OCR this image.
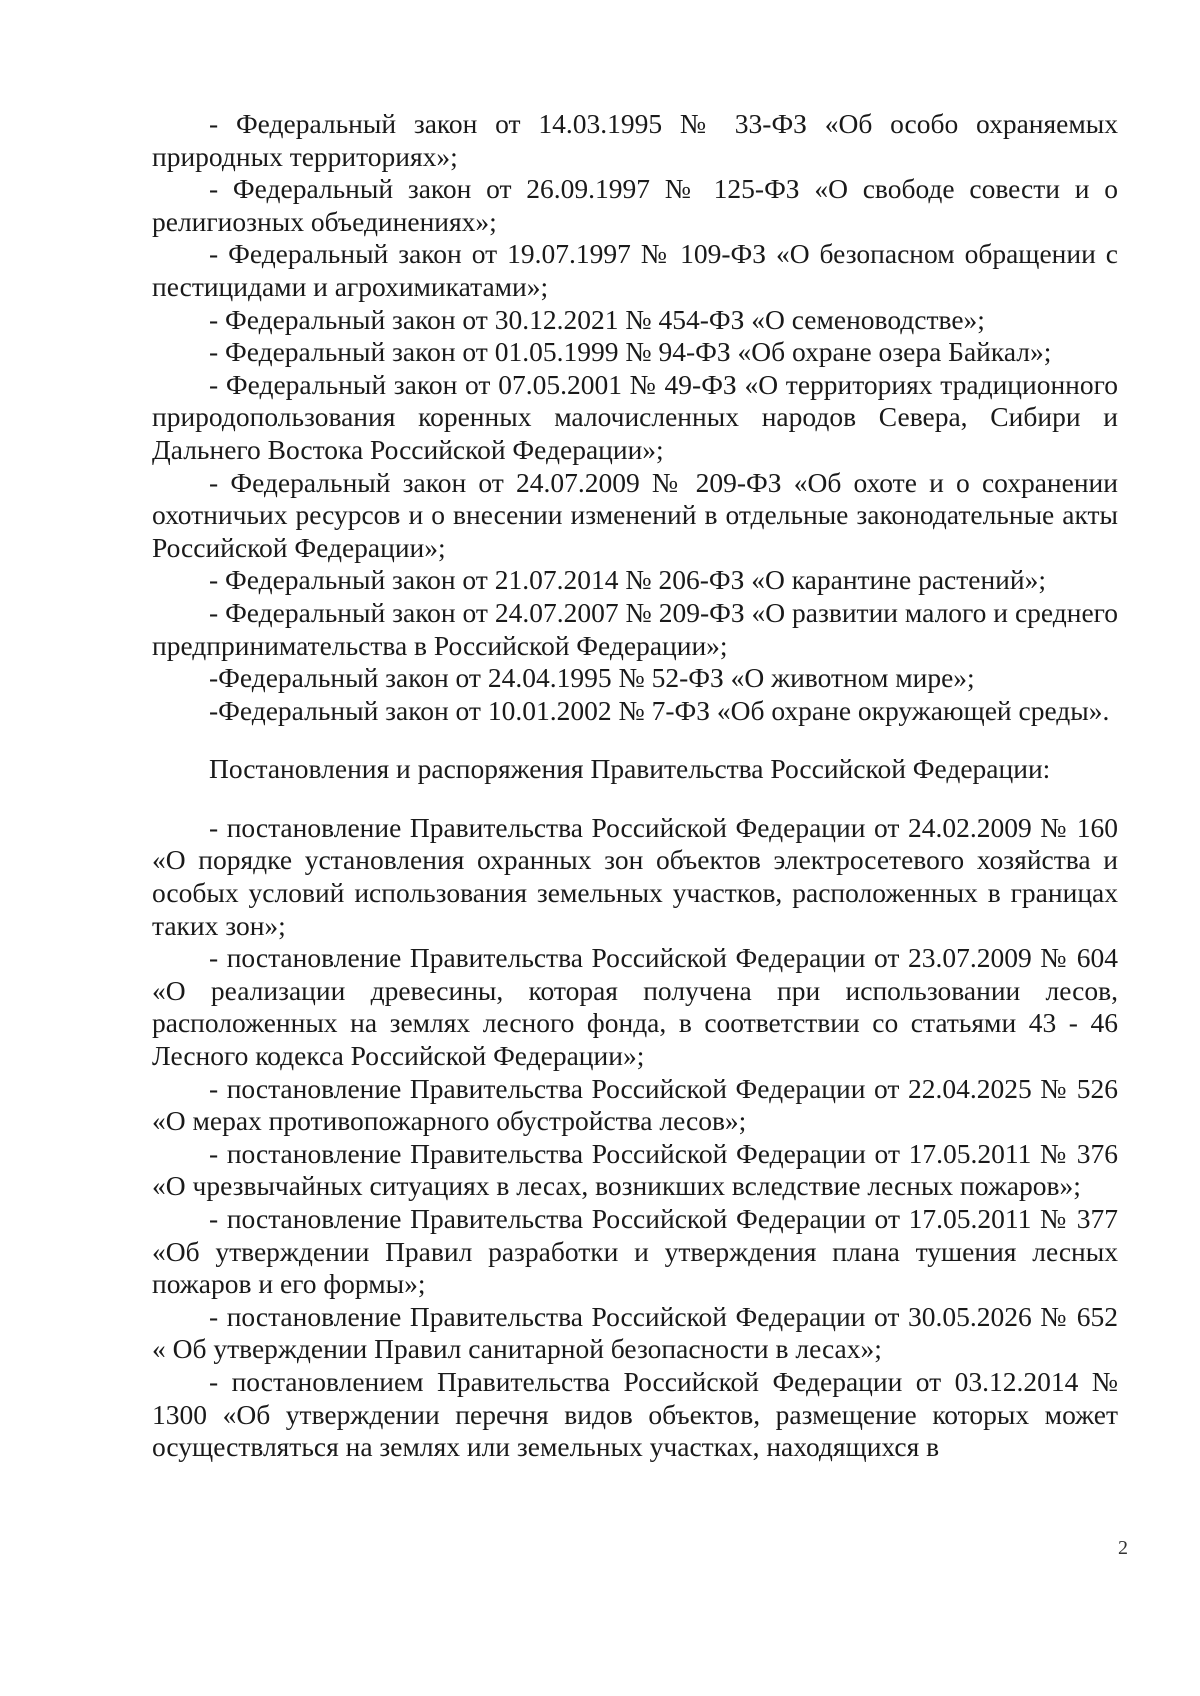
- Федеральный закон от 14.03.1995 № 33-ФЗ «Об особо охраняемых природных территориях»;

- Федеральный закон от 26.09.1997 № 125-ФЗ «О свободе совести и о религиозных объединениях»;

- Федеральный закон от 19.07.1997 № 109-ФЗ «О безопасном обращении с пестицидами и агрохимикатами»;

- Федеральный закон от 30.12.2021 № 454-ФЗ «О семеноводстве»;

- Федеральный закон от 01.05.1999 № 94-ФЗ «Об охране озера Байкал»;

- Федеральный закон от 07.05.2001 № 49-ФЗ «О территориях традиционного природопользования коренных малочисленных народов Севера, Сибири и Дальнего Востока Российской Федерации»;

- Федеральный закон от 24.07.2009 № 209-ФЗ «Об охоте и о сохранении охотничьих ресурсов и о внесении изменений в отдельные законодательные акты Российской Федерации»;

- Федеральный закон от 21.07.2014 № 206-ФЗ «О карантине растений»;

- Федеральный закон от 24.07.2007 № 209-ФЗ «О развитии малого и среднего предпринимательства в Российской Федерации»;

-Федеральный закон от 24.04.1995 № 52-ФЗ «О животном мире»;

-Федеральный закон от 10.01.2002 № 7-ФЗ «Об охране окружающей среды».

Постановления и распоряжения Правительства Российской Федерации:

- постановление Правительства Российской Федерации от 24.02.2009 № 160 «О порядке установления охранных зон объектов электросетевого хозяйства и особых условий использования земельных участков, расположенных в границах таких зон»;

- постановление Правительства Российской Федерации от 23.07.2009 № 604 «О реализации древесины, которая получена при использовании лесов, расположенных на землях лесного фонда, в соответствии со статьями 43 - 46 Лесного кодекса Российской Федерации»;

- постановление Правительства Российской Федерации от 22.04.2025 № 526 «О мерах противопожарного обустройства лесов»;

- постановление Правительства Российской Федерации от 17.05.2011 № 376 «О чрезвычайных ситуациях в лесах, возникших вследствие лесных пожаров»;

- постановление Правительства Российской Федерации от 17.05.2011 № 377 «Об утверждении Правил разработки и утверждения плана тушения лесных пожаров и его формы»;

- постановление Правительства Российской Федерации от 30.05.2026 № 652 « Об утверждении Правил санитарной безопасности в лесах»;

- постановлением Правительства Российской Федерации от 03.12.2014 № 1300 «Об утверждении перечня видов объектов, размещение которых может осуществляться на землях или земельных участках, находящихся в

2
